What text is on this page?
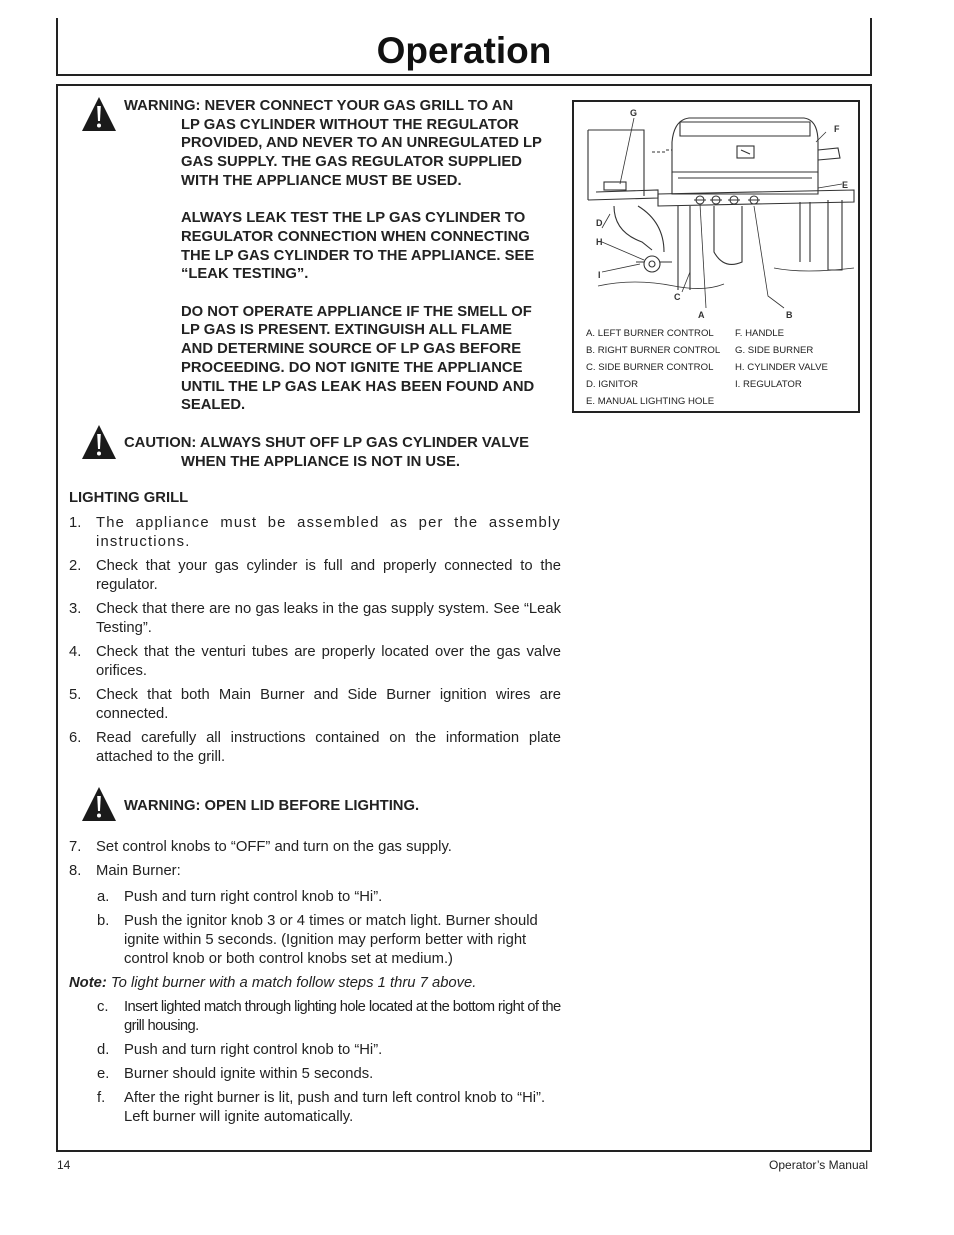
Operation
WARNING: NEVER CONNECT YOUR GAS GRILL TO AN
LP GAS CYLINDER WITHOUT THE REGULATOR
PROVIDED, AND NEVER TO AN UNREGULATED LP
GAS SUPPLY. THE GAS REGULATOR SUPPLIED
WITH THE APPLIANCE MUST BE USED.
ALWAYS LEAK TEST THE LP GAS CYLINDER TO
REGULATOR CONNECTION WHEN CONNECTING
THE LP GAS CYLINDER TO THE APPLIANCE. SEE
“LEAK TESTING”.
DO NOT OPERATE APPLIANCE IF THE SMELL OF
LP GAS IS PRESENT. EXTINGUISH ALL FLAME
AND DETERMINE SOURCE OF LP GAS BEFORE
PROCEEDING. DO NOT IGNITE THE APPLIANCE
UNTIL THE LP GAS LEAK HAS BEEN FOUND AND
SEALED.
CAUTION: ALWAYS SHUT OFF LP GAS CYLINDER VALVE
WHEN THE APPLIANCE IS NOT IN USE.
LIGHTING GRILL
1. The appliance must be assembled as per the assembly instructions.
2. Check that your gas cylinder is full and properly connected to the regulator.
3. Check that there are no gas leaks in the gas supply system. See “Leak Testing”.
4. Check that the venturi tubes are properly located over the gas valve orifices.
5. Check that both Main Burner and Side Burner ignition wires are connected.
6. Read carefully all instructions contained on the information plate attached to the grill.
WARNING: OPEN LID BEFORE LIGHTING.
7. Set control knobs to “OFF” and turn on the gas supply.
8. Main Burner:
a. Push and turn right control knob to “Hi”.
b. Push the ignitor knob 3 or 4 times or match light. Burner should ignite within 5 seconds. (Ignition may perform better with right control knob or both control knobs set at medium.)
Note: To light burner with a match follow steps 1 thru 7 above.
c. Insert lighted match through lighting hole located at the bottom right of the grill housing.
d. Push and turn right control knob to “Hi”.
e. Burner should ignite within 5 seconds.
f. After the right burner is lit, push and turn left control knob to “Hi”. Left burner will ignite automatically.
G
F
E
D
H
I
C
A	B
A. LEFT BURNER CONTROL
B. RIGHT BURNER CONTROL
C. SIDE BURNER CONTROL
D. IGNITOR
E. MANUAL LIGHTING HOLE
F. HANDLE
G. SIDE BURNER
H. CYLINDER VALVE
I. REGULATOR
14	Operator’s Manual
